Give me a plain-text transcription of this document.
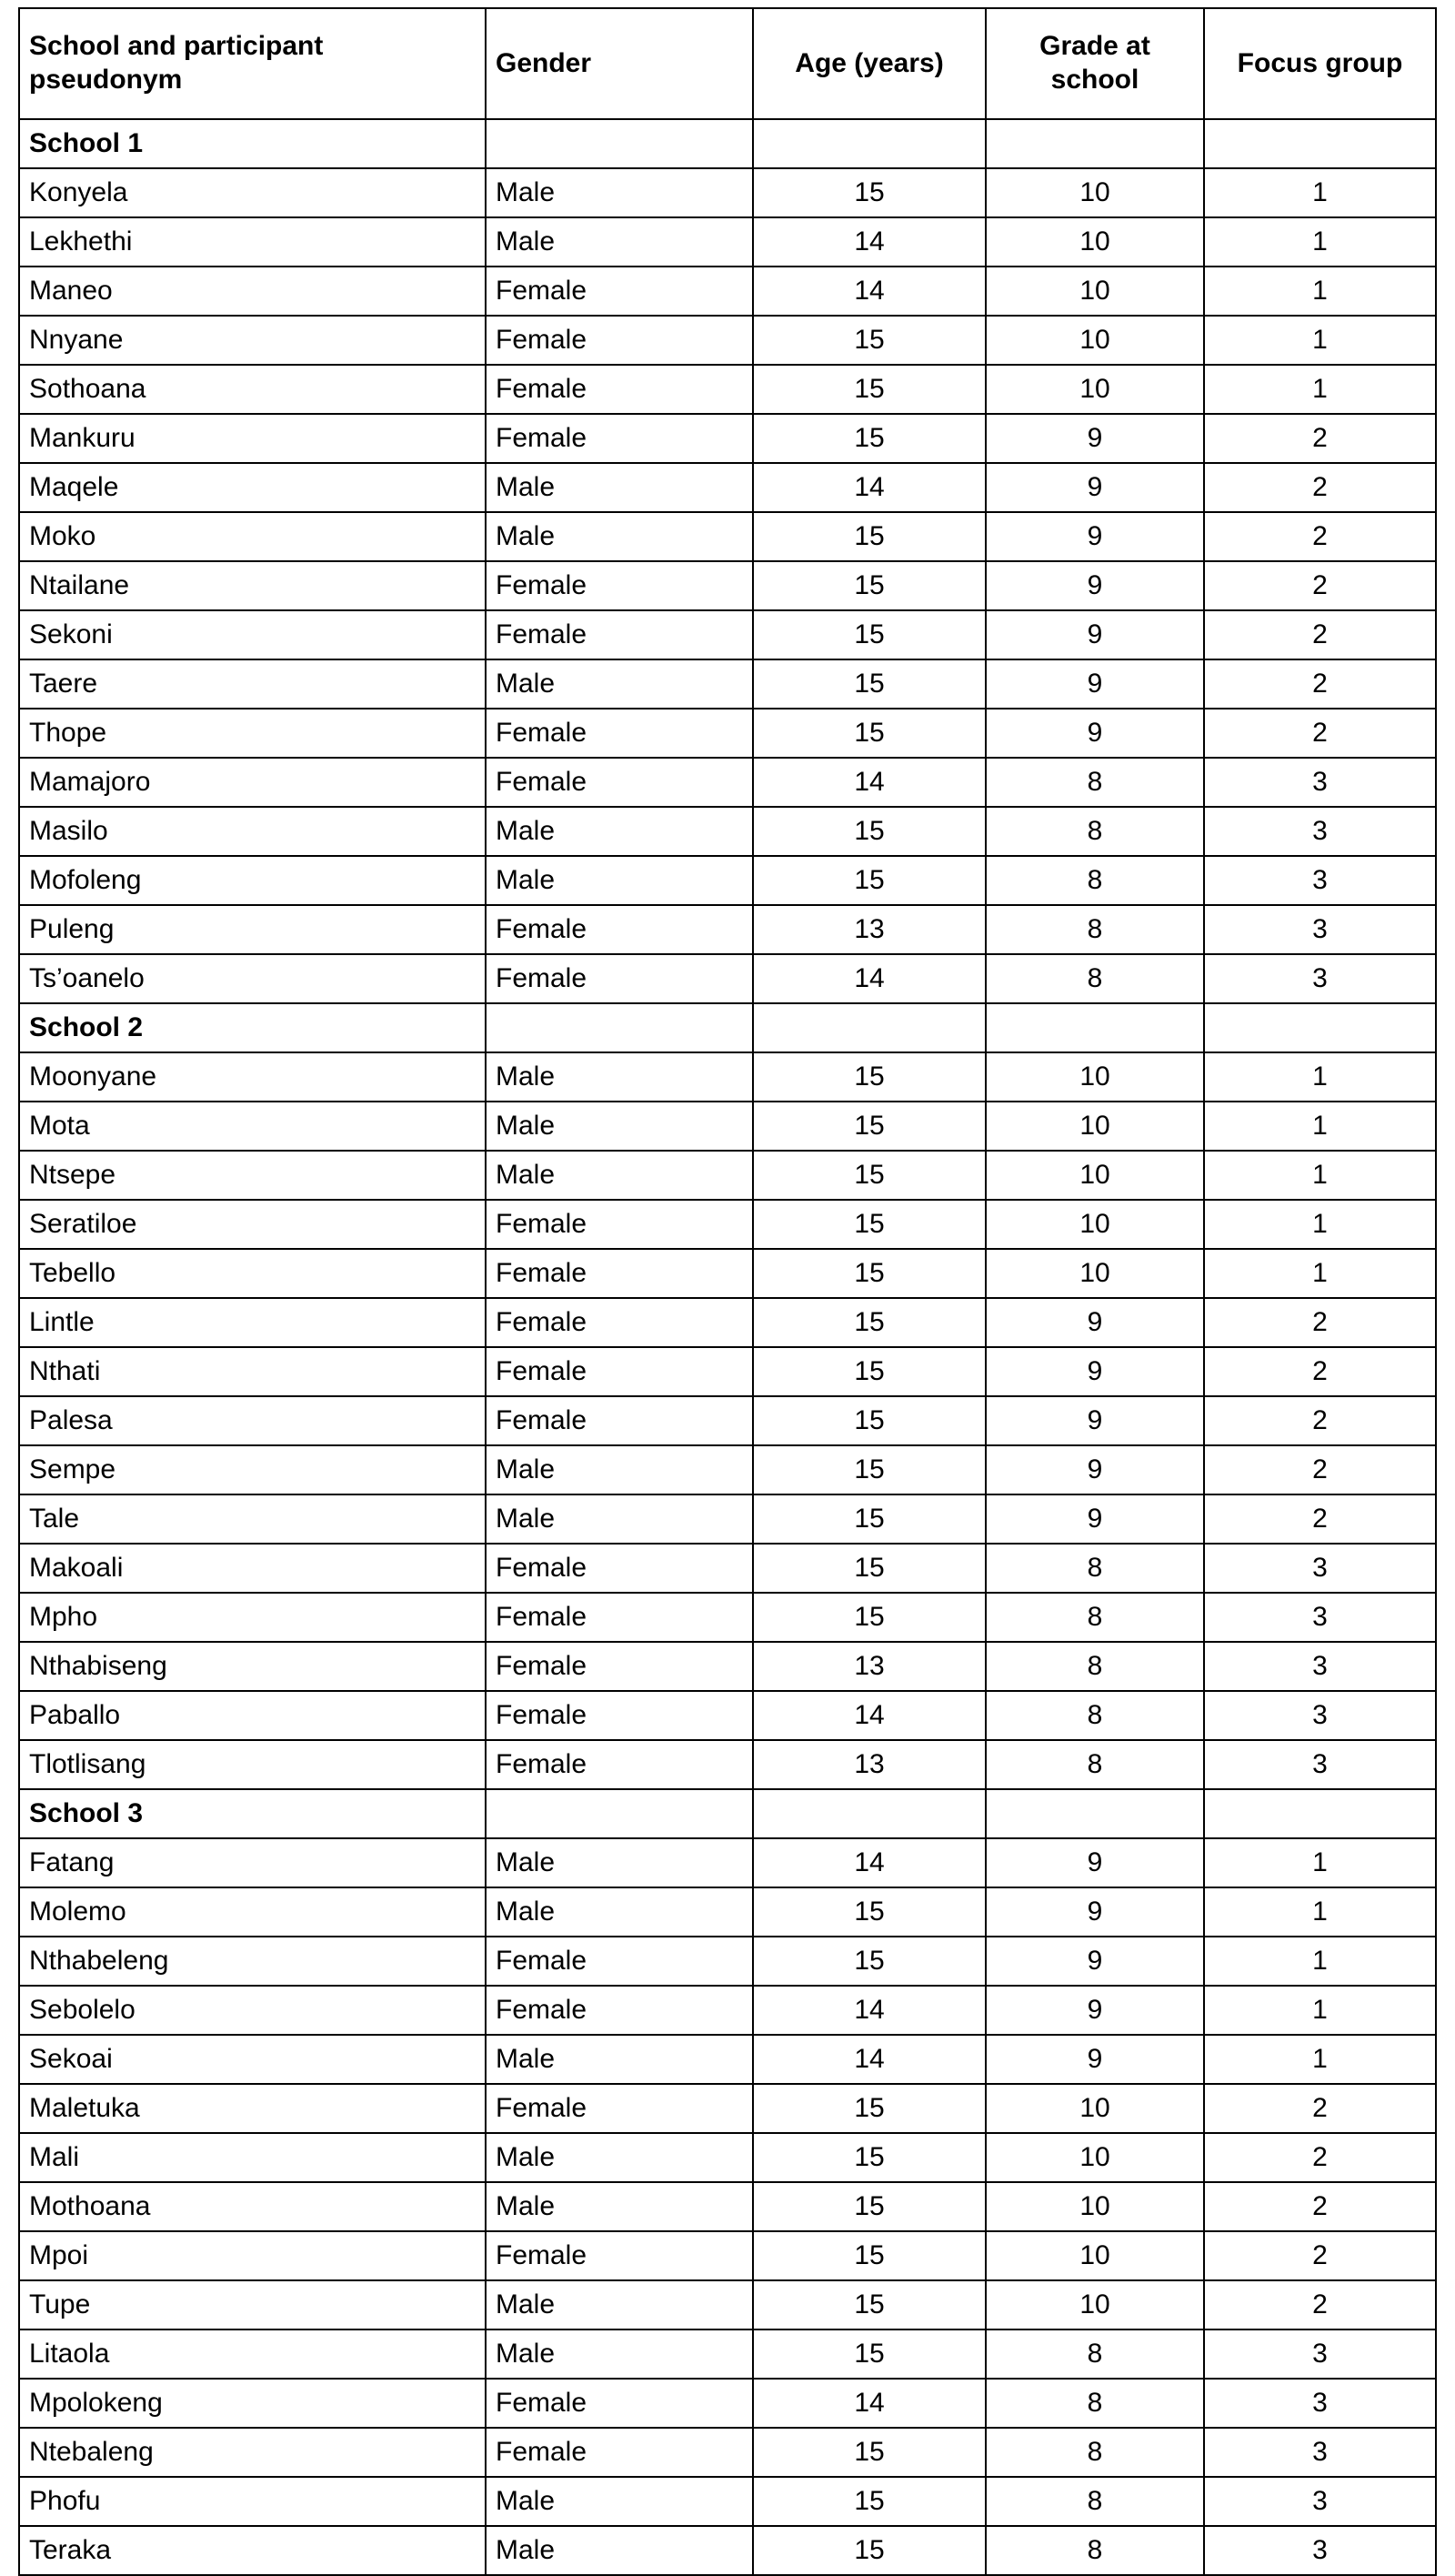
School and participant pseudonym	Gender	Age (years)	Grade at school	Focus group
School 1				
Konyela	Male	15	10	1
Lekhethi	Male	14	10	1
Maneo	Female	14	10	1
Nnyane	Female	15	10	1
Sothoana	Female	15	10	1
Mankuru	Female	15	9	2
Maqele	Male	14	9	2
Moko	Male	15	9	2
Ntailane	Female	15	9	2
Sekoni	Female	15	9	2
Taere	Male	15	9	2
Thope	Female	15	9	2
Mamajoro	Female	14	8	3
Masilo	Male	15	8	3
Mofoleng	Male	15	8	3
Puleng	Female	13	8	3
Ts’oanelo	Female	14	8	3
School 2				
Moonyane	Male	15	10	1
Mota	Male	15	10	1
Ntsepe	Male	15	10	1
Seratiloe	Female	15	10	1
Tebello	Female	15	10	1
Lintle	Female	15	9	2
Nthati	Female	15	9	2
Palesa	Female	15	9	2
Sempe	Male	15	9	2
Tale	Male	15	9	2
Makoali	Female	15	8	3
Mpho	Female	15	8	3
Nthabiseng	Female	13	8	3
Paballo	Female	14	8	3
Tlotlisang	Female	13	8	3
School 3				
Fatang	Male	14	9	1
Molemo	Male	15	9	1
Nthabeleng	Female	15	9	1
Sebolelo	Female	14	9	1
Sekoai	Male	14	9	1
Maletuka	Female	15	10	2
Mali	Male	15	10	2
Mothoana	Male	15	10	2
Mpoi	Female	15	10	2
Tupe	Male	15	10	2
Litaola	Male	15	8	3
Mpolokeng	Female	14	8	3
Ntebaleng	Female	15	8	3
Phofu	Male	15	8	3
Teraka	Male	15	8	3
